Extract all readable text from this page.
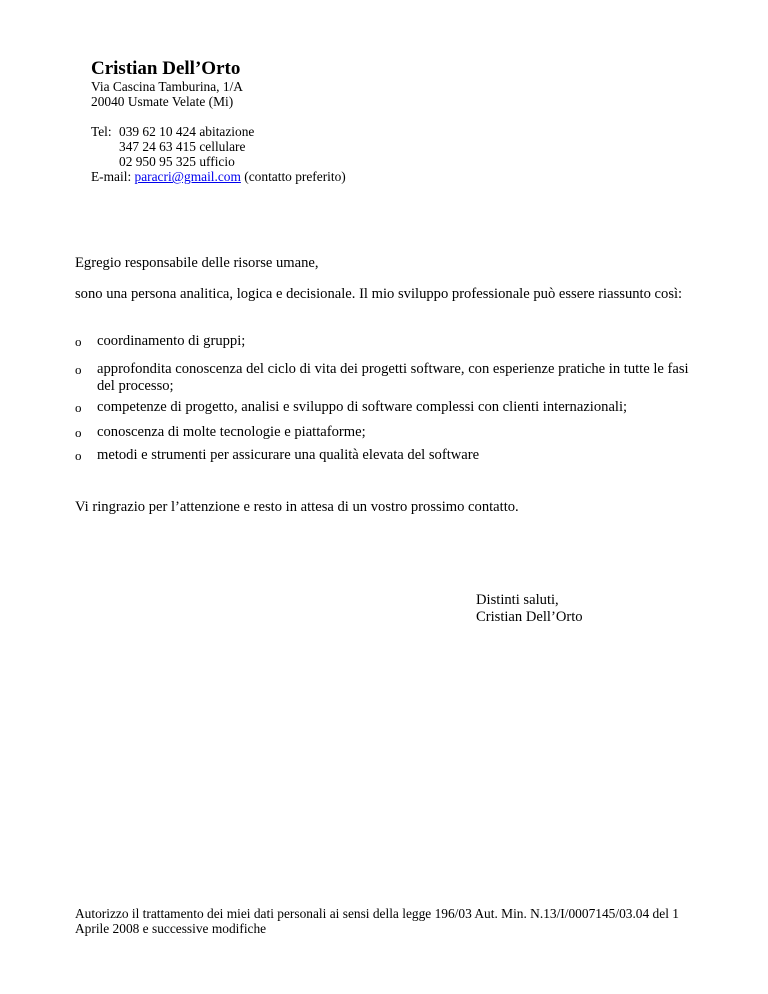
Cristian Dell’Orto
Via Cascina Tamburina, 1/A
20040 Usmate Velate (Mi)
Tel: 039 62 10 424 abitazione
347 24 63 415 cellulare
02 950 95 325 ufficio
E-mail: paracri@gmail.com (contatto preferito)
Egregio responsabile delle risorse umane,
sono una persona analitica, logica e decisionale. Il mio sviluppo professionale può essere riassunto così:
o	coordinamento di gruppi;
o	approfondita conoscenza del ciclo di vita dei progetti software, con esperienze pratiche in tutte le fasi del processo;
o	competenze di progetto, analisi e sviluppo di software complessi con clienti internazionali;
o	conoscenza di molte tecnologie e piattaforme;
o	metodi e strumenti per assicurare una qualità elevata del software
Vi ringrazio per l’attenzione e resto in attesa di un vostro prossimo contatto.
Distinti saluti,
Cristian Dell’Orto
Autorizzo il trattamento dei miei dati personali ai sensi della legge 196/03 Aut. Min. N.13/I/0007145/03.04 del 1 Aprile 2008 e successive modifiche
